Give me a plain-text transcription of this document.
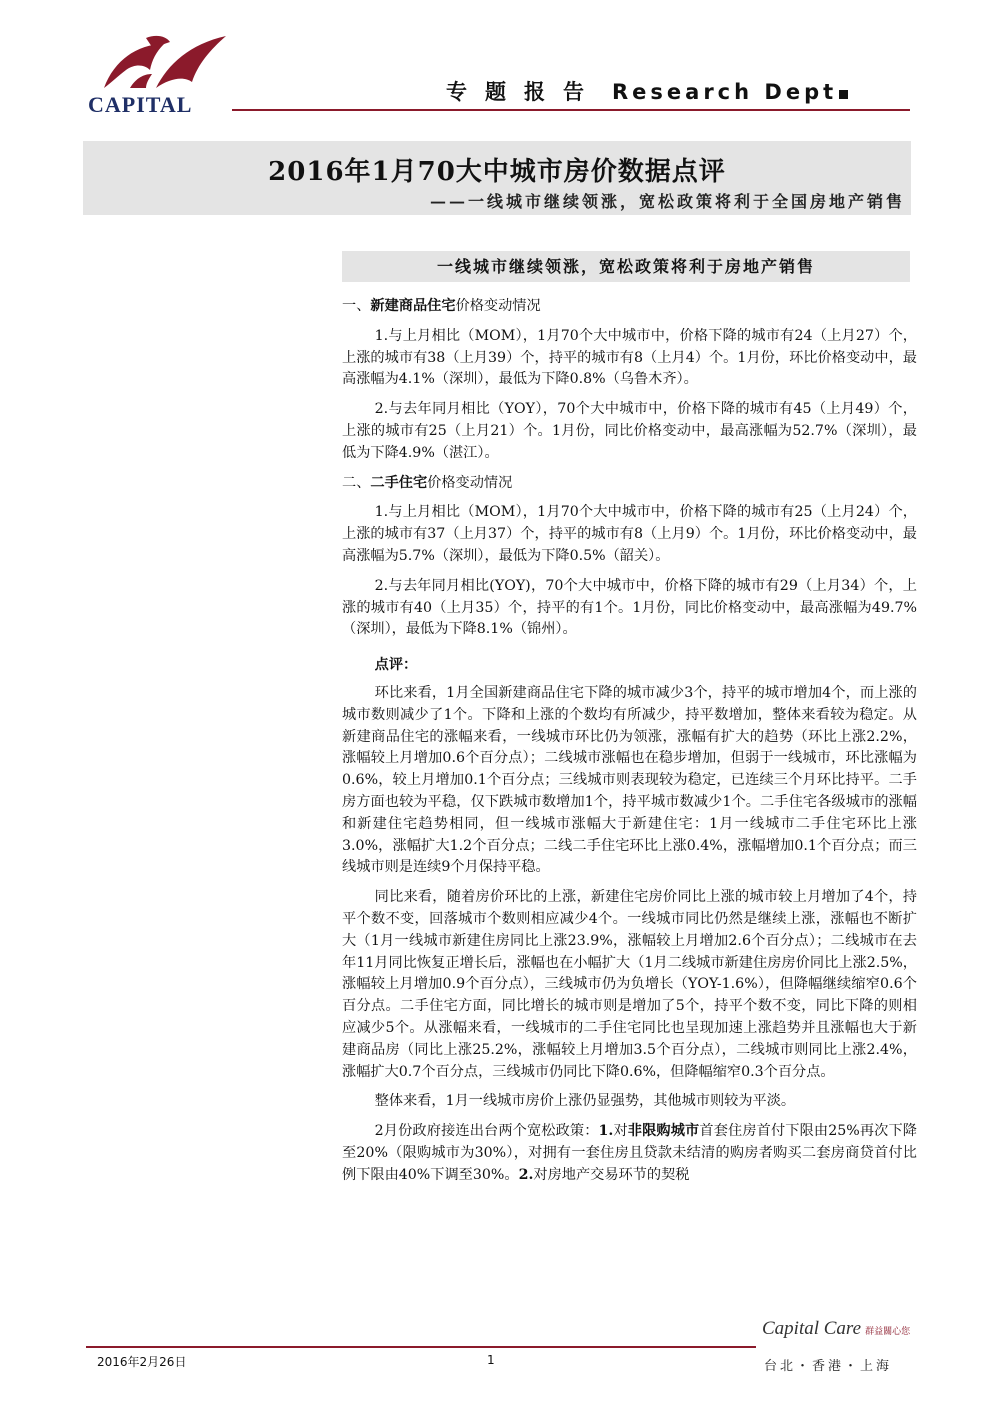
CAPITAL	专题报告 Research Dept
2016年1月70大中城市房价数据点评
——一线城市继续领涨，宽松政策将利于全国房地产销售
一线城市继续领涨，宽松政策将利于房地产销售

一、新建商品住宅价格变动情况

1.与上月相比（MOM），1月70个大中城市中，价格下降的城市有24（上月27）个，上涨的城市有38（上月39）个，持平的城市有8（上月4）个。1月份，环比价格变动中，最高涨幅为4.1%（深圳），最低为下降0.8%（乌鲁木齐）。

2.与去年同月相比（YOY），70个大中城市中，价格下降的城市有45（上月49）个，上涨的城市有25（上月21）个。1月份，同比价格变动中，最高涨幅为52.7%（深圳），最低为下降4.9%（湛江）。

二、二手住宅价格变动情况

1.与上月相比（MOM），1月70个大中城市中，价格下降的城市有25（上月24）个，上涨的城市有37（上月37）个，持平的城市有8（上月9）个。1月份，环比价格变动中，最高涨幅为5.7%（深圳），最低为下降0.5%（韶关）。

2.与去年同月相比(YOY)，70个大中城市中，价格下降的城市有29（上月34）个，上涨的城市有40（上月35）个，持平的有1个。1月份，同比价格变动中，最高涨幅为49.7%（深圳），最低为下降8.1%（锦州）。

点评：

环比来看，1月全国新建商品住宅下降的城市减少3个，持平的城市增加4个，而上涨的城市数则减少了1个。下降和上涨的个数均有所减少，持平数增加，整体来看较为稳定。从新建商品住宅的涨幅来看，一线城市环比仍为领涨，涨幅有扩大的趋势（环比上涨2.2%，涨幅较上月增加0.6个百分点）；二线城市涨幅也在稳步增加，但弱于一线城市，环比涨幅为0.6%，较上月增加0.1个百分点；三线城市则表现较为稳定，已连续三个月环比持平。二手房方面也较为平稳，仅下跌城市数增加1个，持平城市数减少1个。二手住宅各级城市的涨幅和新建住宅趋势相同，但一线城市涨幅大于新建住宅：1月一线城市二手住宅环比上涨3.0%，涨幅扩大1.2个百分点；二线二手住宅环比上涨0.4%，涨幅增加0.1个百分点；而三线城市则是连续9个月保持平稳。

同比来看，随着房价环比的上涨，新建住宅房价同比上涨的城市较上月增加了4个，持平个数不变，回落城市个数则相应减少4个。一线城市同比仍然是继续上涨，涨幅也不断扩大（1月一线城市新建住房同比上涨23.9%，涨幅较上月增加2.6个百分点）；二线城市在去年11月同比恢复正增长后，涨幅也在小幅扩大（1月二线城市新建住房房价同比上涨2.5%，涨幅较上月增加0.9个百分点），三线城市仍为负增长（YOY-1.6%），但降幅继续缩窄0.6个百分点。二手住宅方面，同比增长的城市则是增加了5个，持平个数不变，同比下降的则相应减少5个。从涨幅来看，一线城市的二手住宅同比也呈现加速上涨趋势并且涨幅也大于新建商品房（同比上涨25.2%，涨幅较上月增加3.5个百分点），二线城市则同比上涨2.4%，涨幅扩大0.7个百分点，三线城市仍同比下降0.6%，但降幅缩窄0.3个百分点。

整体来看，1月一线城市房价上涨仍显强势，其他城市则较为平淡。

2月份政府接连出台两个宽松政策：1.对非限购城市首套住房首付下限由25%再次下降至20%（限购城市为30%），对拥有一套住房且贷款未结清的购房者购买二套房商贷首付比例下限由40%下调至30%。2.对房地产交易环节的契税

2016年2月26日	1
Capital Care 群益關心您
台北・香港・上海
